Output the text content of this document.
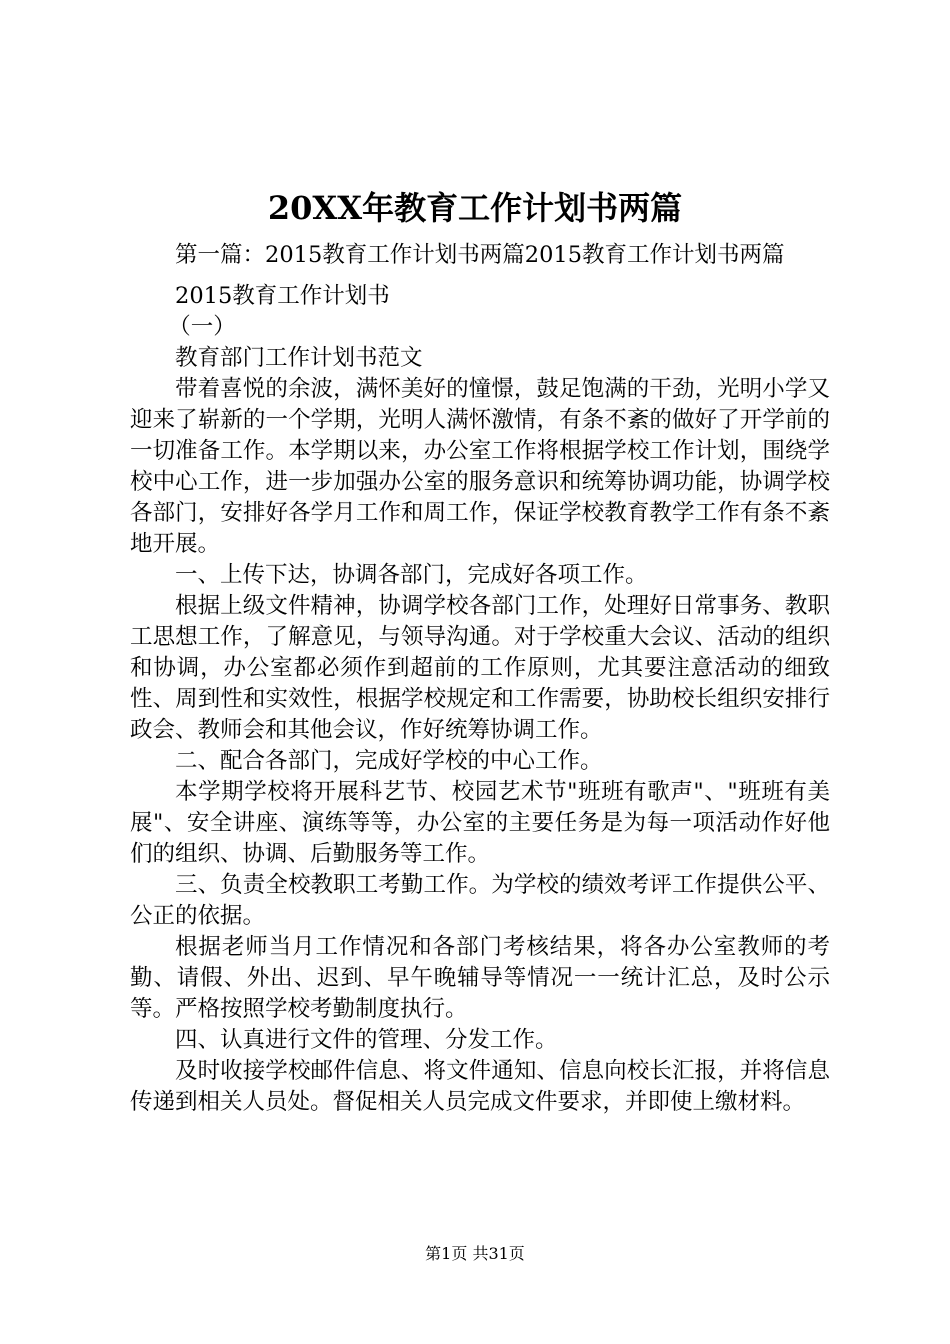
20XX年教育工作计划书两篇

第一篇：2015教育工作计划书两篇2015教育工作计划书两篇

2015教育工作计划书

（一）

教育部门工作计划书范文

带着喜悦的余波，满怀美好的憧憬，鼓足饱满的干劲，光明小学又迎来了崭新的一个学期，光明人满怀激情，有条不紊的做好了开学前的一切准备工作。本学期以来，办公室工作将根据学校工作计划，围绕学校中心工作，进一步加强办公室的服务意识和统筹协调功能，协调学校各部门，安排好各学月工作和周工作，保证学校教育教学工作有条不紊地开展。

一、上传下达，协调各部门，完成好各项工作。

根据上级文件精神，协调学校各部门工作，处理好日常事务、教职工思想工作，了解意见，与领导沟通。对于学校重大会议、活动的组织和协调，办公室都必须作到超前的工作原则，尤其要注意活动的细致性、周到性和实效性，根据学校规定和工作需要，协助校长组织安排行政会、教师会和其他会议，作好统筹协调工作。

二、配合各部门，完成好学校的中心工作。

本学期学校将开展科艺节、校园艺术节"班班有歌声"、"班班有美展"、安全讲座、演练等等，办公室的主要任务是为每一项活动作好他们的组织、协调、后勤服务等工作。

三、负责全校教职工考勤工作。为学校的绩效考评工作提供公平、公正的依据。

根据老师当月工作情况和各部门考核结果，将各办公室教师的考勤、请假、外出、迟到、早午晚辅导等情况一一统计汇总，及时公示等。严格按照学校考勤制度执行。

四、认真进行文件的管理、分发工作。

及时收接学校邮件信息、将文件通知、信息向校长汇报，并将信息传递到相关人员处。督促相关人员完成文件要求，并即使上缴材料。

第1页 共31页
